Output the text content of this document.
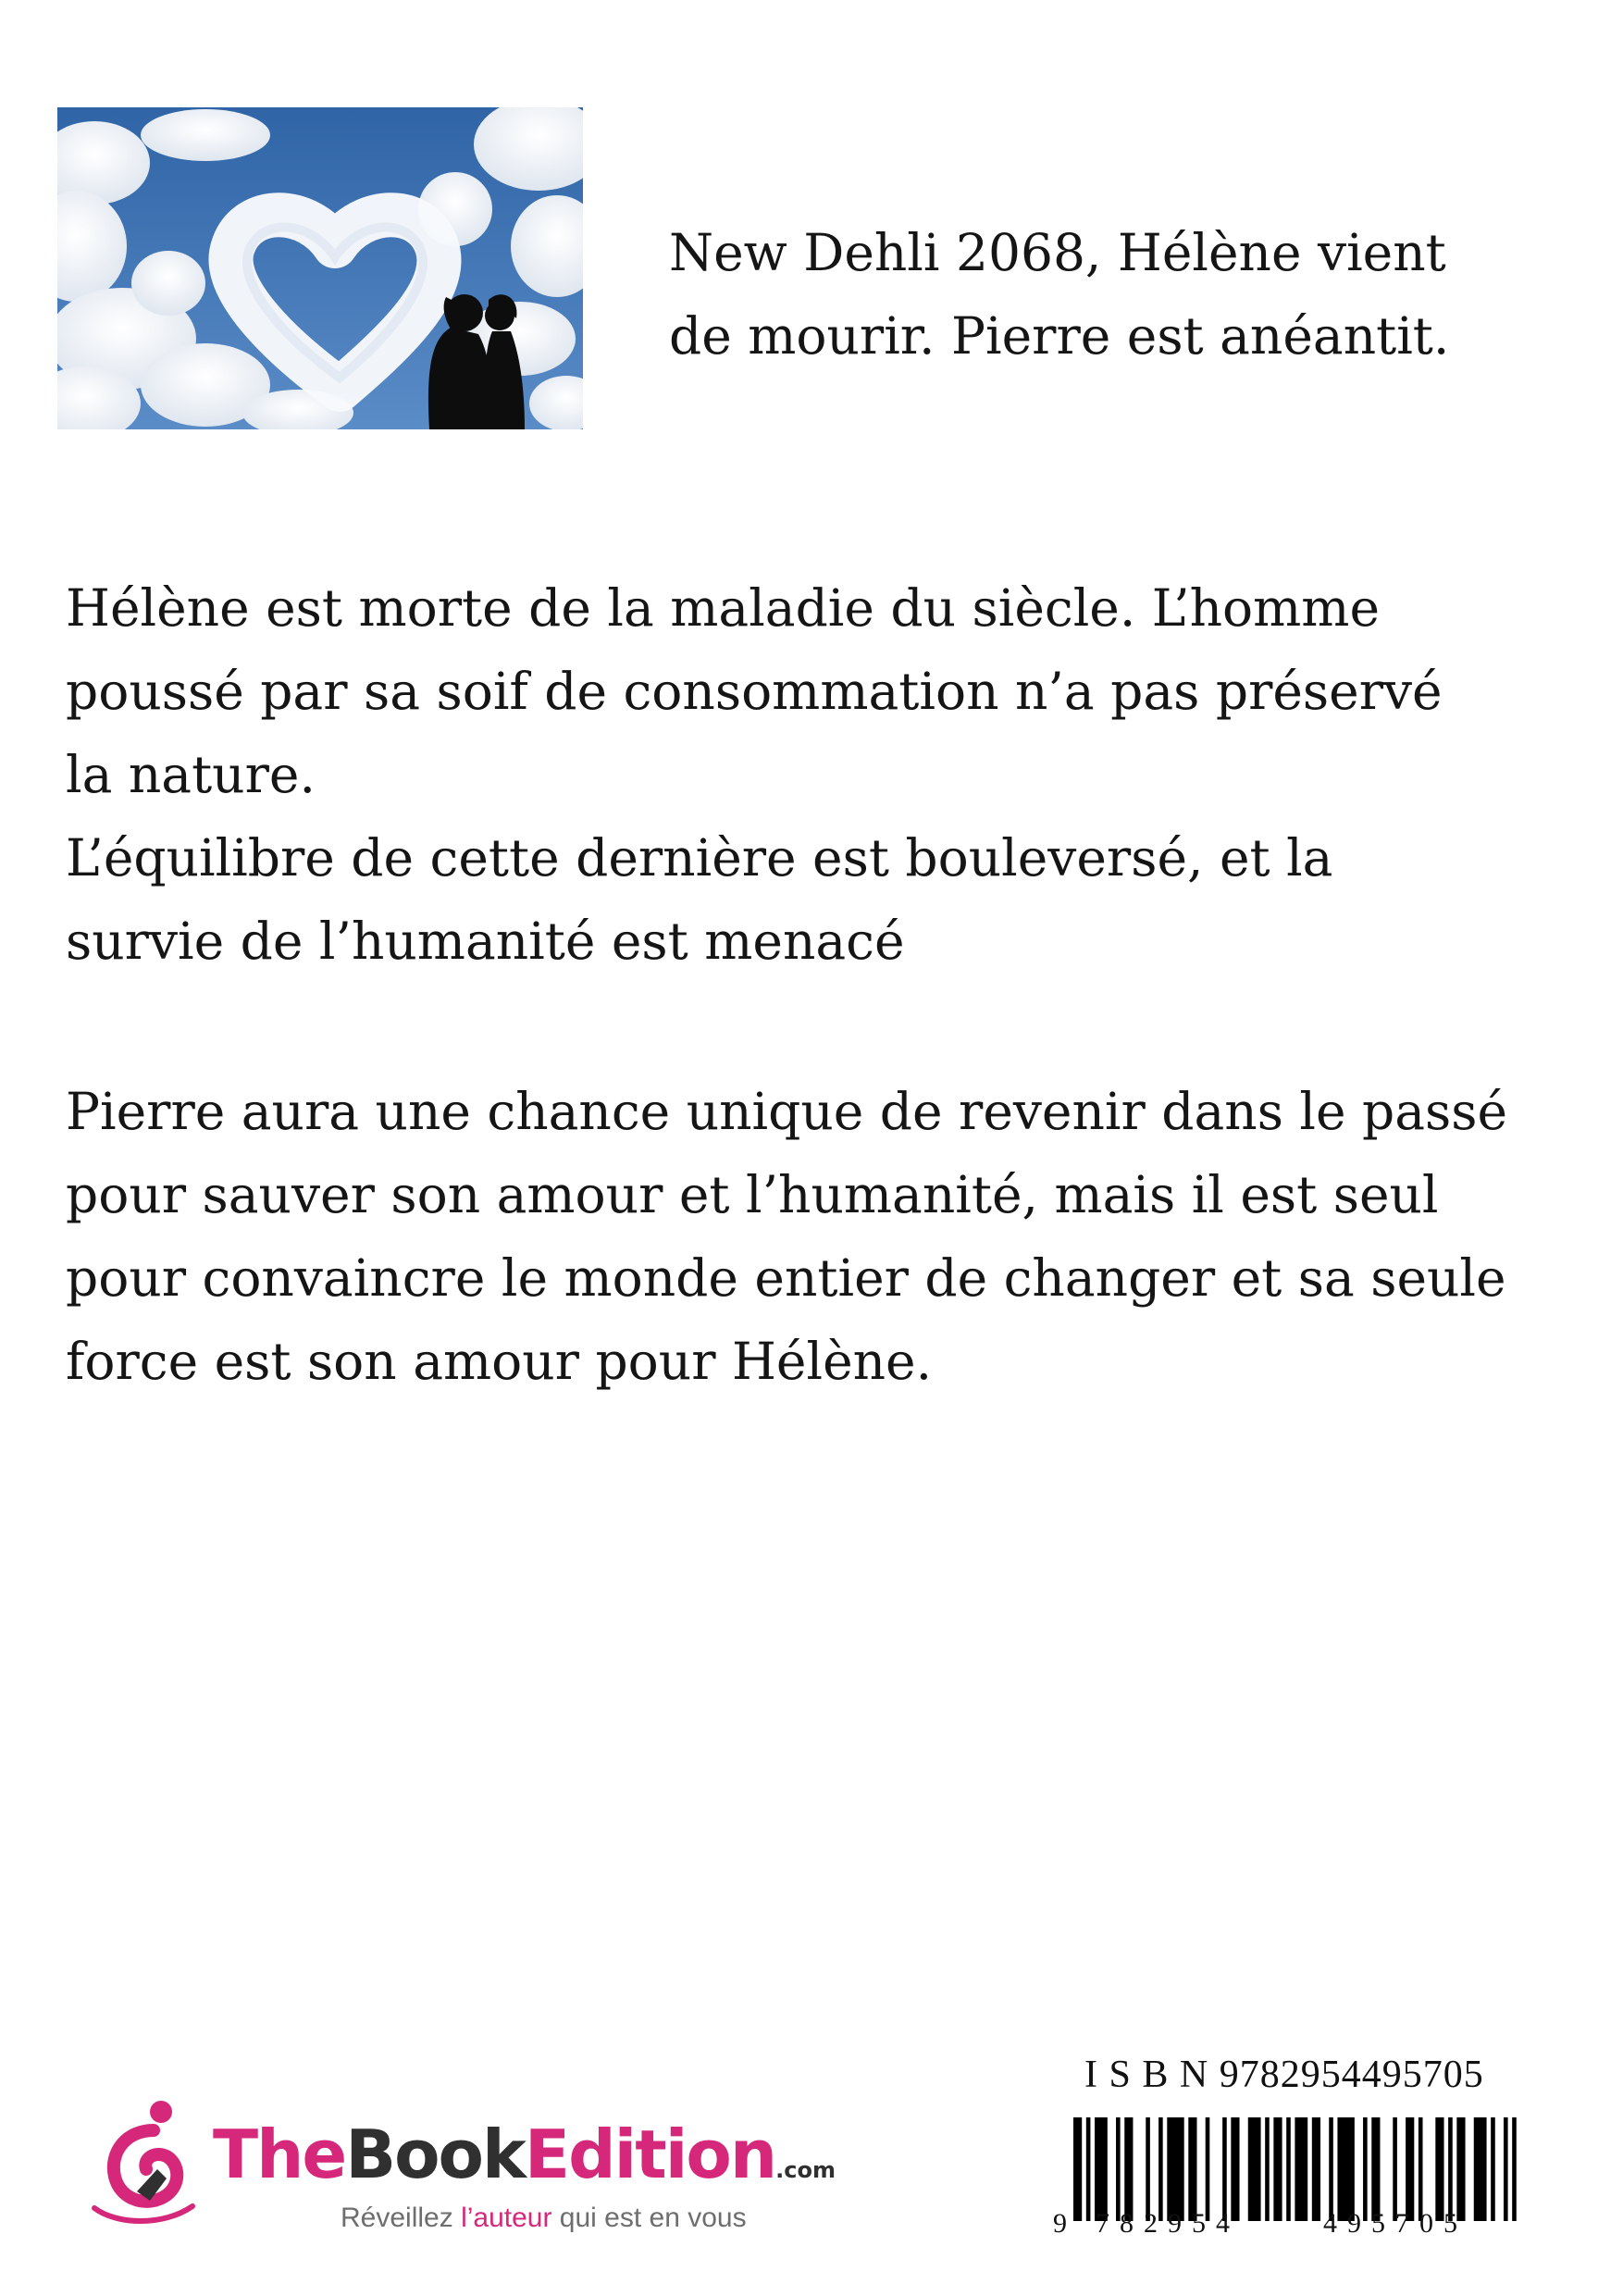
New Dehli 2068, Hélène vient
de mourir. Pierre est anéantit.
Hélène est morte de la maladie du siècle. L’homme
poussé par sa soif de consommation n’a pas préservé
la nature.
L’équilibre de cette dernière est bouleversé, et la
survie de l’humanité est menacé
Pierre aura une chance unique de revenir dans le passé
pour sauver son amour et l’humanité, mais il est seul
pour convaincre le monde entier de changer et sa seule
force est son amour pour Hélène.
TheBookEdition.com
Réveillez l’auteur qui est en vous
I S B N 9782954495705
9 782954	495705
